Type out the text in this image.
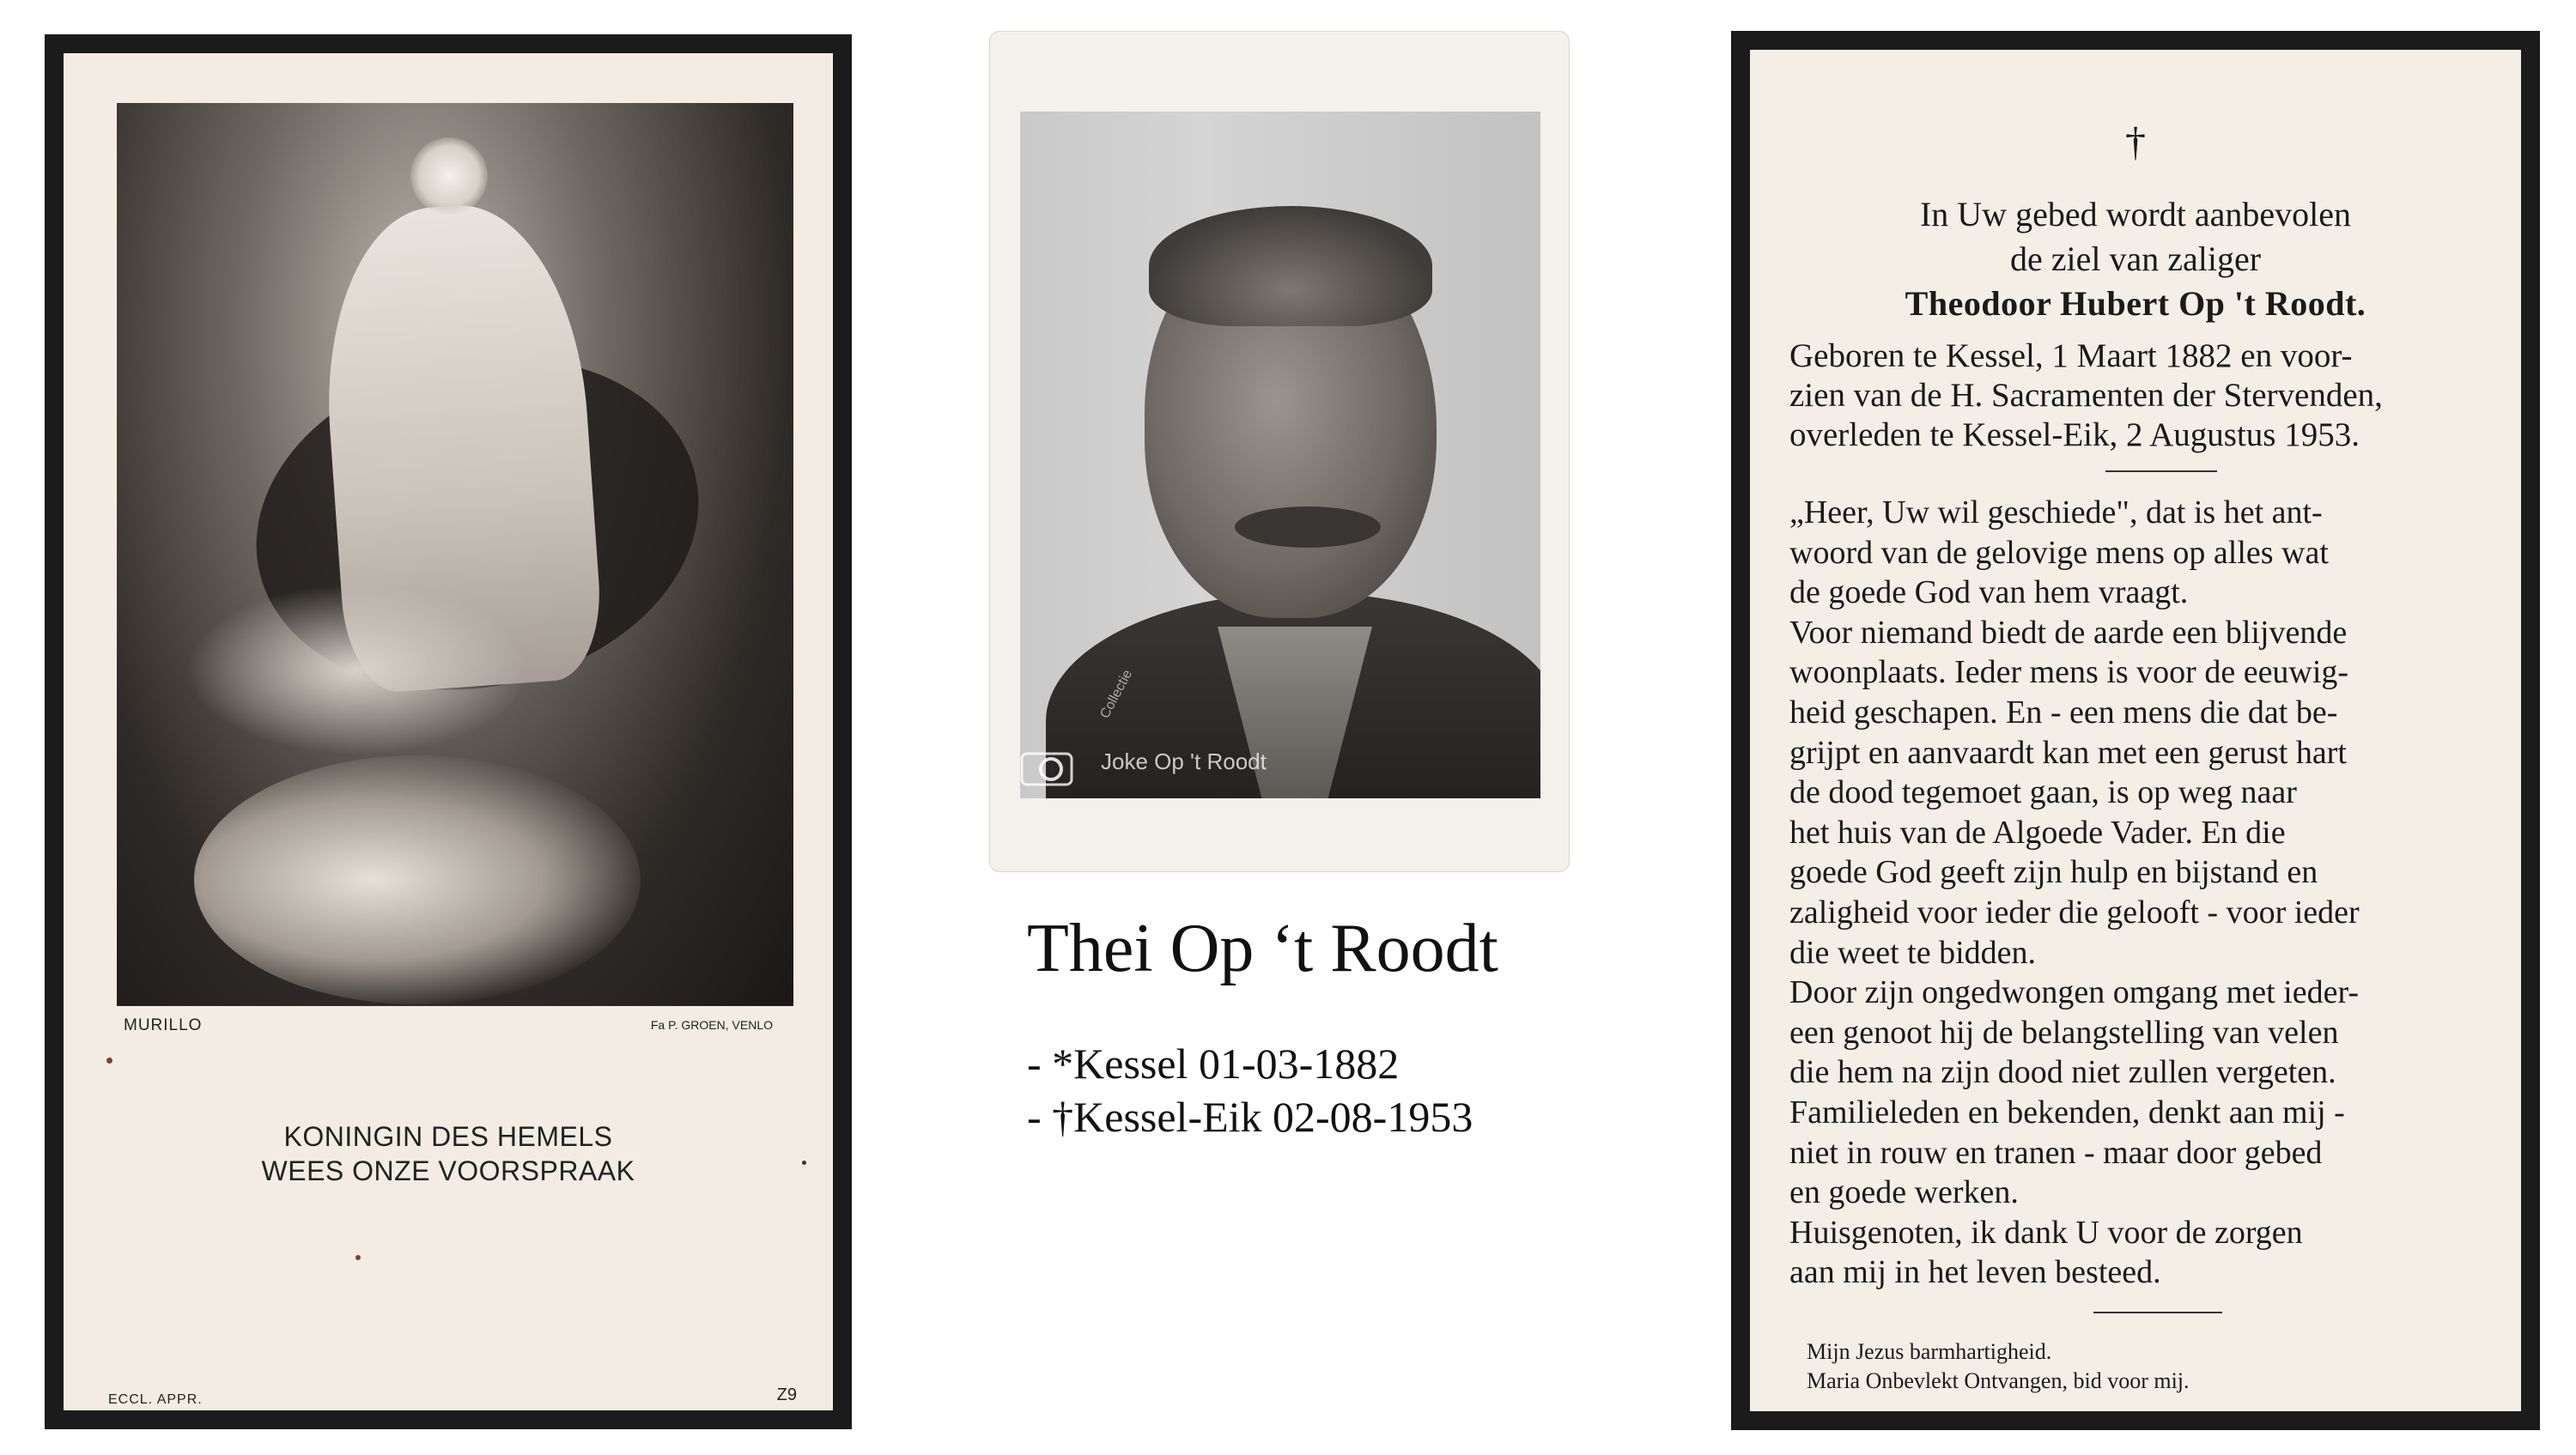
MURILLO	Fa P. GROEN, VENLO
KONINGIN DES HEMELS
WEES ONZE VOORSPRAAK
ECCL. APPR.	Z9
Joke Op 't Roodt
Collectie
Thei Op ‘t Roodt
- *Kessel 01-03-1882
- †Kessel-Eik 02-08-1953
†
In Uw gebed wordt aanbevolen
de ziel van zaliger
Theodoor Hubert Op 't Roodt.
Geboren te Kessel, 1 Maart 1882 en voor-
zien van de H. Sacramenten der Stervenden,
overleden te Kessel-Eik, 2 Augustus 1953.
„Heer, Uw wil geschiede", dat is het ant-
woord van de gelovige mens op alles wat
de goede God van hem vraagt.
Voor niemand biedt de aarde een blijvende
woonplaats. Ieder mens is voor de eeuwig-
heid geschapen. En - een mens die dat be-
grijpt en aanvaardt kan met een gerust hart
de dood tegemoet gaan, is op weg naar
het huis van de Algoede Vader. En die
goede God geeft zijn hulp en bijstand en
zaligheid voor ieder die gelooft - voor ieder
die weet te bidden.
Door zijn ongedwongen omgang met ieder-
een genoot hij de belangstelling van velen
die hem na zijn dood niet zullen vergeten.
Familieleden en bekenden, denkt aan mij -
niet in rouw en tranen - maar door gebed
en goede werken.
Huisgenoten, ik dank U voor de zorgen
aan mij in het leven besteed.
Mijn Jezus barmhartigheid.
Maria Onbevlekt Ontvangen, bid voor mij.
